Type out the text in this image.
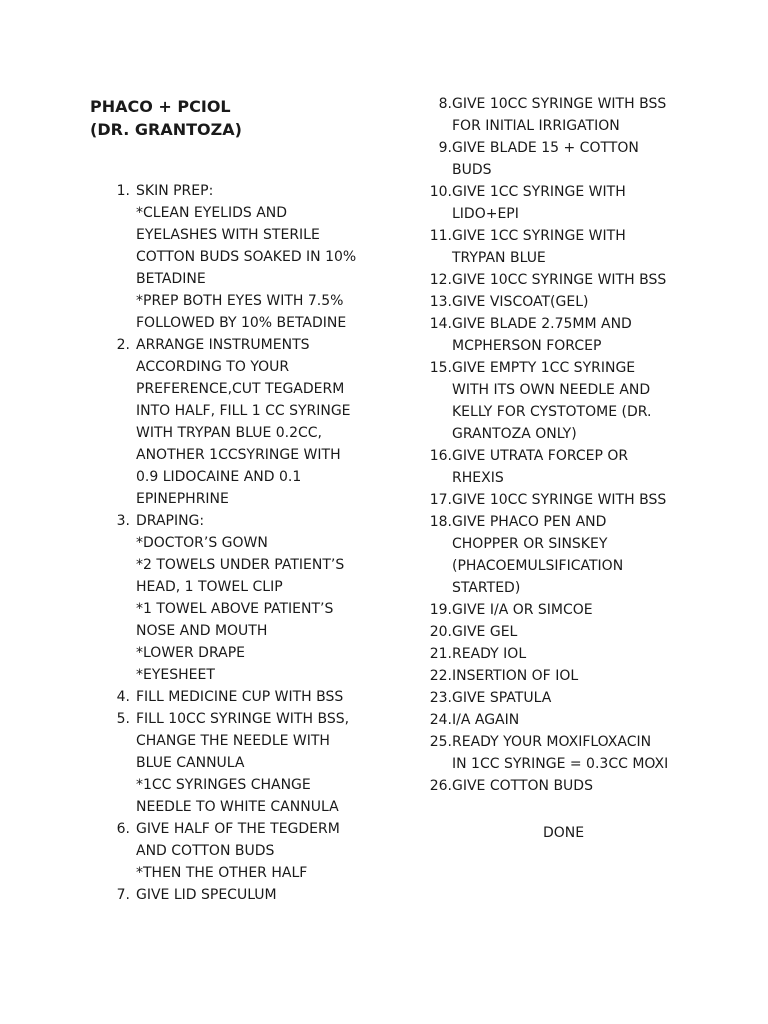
PHACO + PCIOL
(DR. GRANTOZA)
1. SKIN PREP:
*CLEAN EYELIDS AND
EYELASHES WITH STERILE
COTTON BUDS SOAKED IN 10%
BETADINE
*PREP BOTH EYES WITH 7.5%
FOLLOWED BY 10% BETADINE
2. ARRANGE INSTRUMENTS
ACCORDING TO YOUR
PREFERENCE,CUT TEGADERM
INTO HALF, FILL 1 CC SYRINGE
WITH TRYPAN BLUE 0.2CC,
ANOTHER 1CCSYRINGE WITH
0.9 LIDOCAINE AND 0.1
EPINEPHRINE
3. DRAPING:
*DOCTOR’S GOWN
*2 TOWELS UNDER PATIENT’S
HEAD, 1 TOWEL CLIP
*1 TOWEL ABOVE PATIENT’S
NOSE AND MOUTH
*LOWER DRAPE
*EYESHEET
4. FILL MEDICINE CUP WITH BSS
5. FILL 10CC SYRINGE WITH BSS,
CHANGE THE NEEDLE WITH
BLUE CANNULA
*1CC SYRINGES CHANGE
NEEDLE TO WHITE CANNULA
6. GIVE HALF OF THE TEGDERM
AND COTTON BUDS
*THEN THE OTHER HALF
7. GIVE LID SPECULUM
8. GIVE 10CC SYRINGE WITH BSS
FOR INITIAL IRRIGATION
9. GIVE BLADE 15 + COTTON
BUDS
10. GIVE 1CC SYRINGE WITH
LIDO+EPI
11. GIVE 1CC SYRINGE WITH
TRYPAN BLUE
12. GIVE 10CC SYRINGE WITH BSS
13. GIVE VISCOAT(GEL)
14. GIVE BLADE 2.75MM AND
MCPHERSON FORCEP
15. GIVE EMPTY 1CC SYRINGE
WITH ITS OWN NEEDLE AND
KELLY FOR CYSTOTOME (DR.
GRANTOZA ONLY)
16. GIVE UTRATA FORCEP OR
RHEXIS
17. GIVE 10CC SYRINGE WITH BSS
18. GIVE PHACO PEN AND
CHOPPER OR SINSKEY
(PHACOEMULSIFICATION
STARTED)
19. GIVE I/A OR SIMCOE
20. GIVE GEL
21. READY IOL
22. INSERTION OF IOL
23. GIVE SPATULA
24. I/A AGAIN
25. READY YOUR MOXIFLOXACIN
IN 1CC SYRINGE = 0.3CC MOXI
26. GIVE COTTON BUDS
DONE
